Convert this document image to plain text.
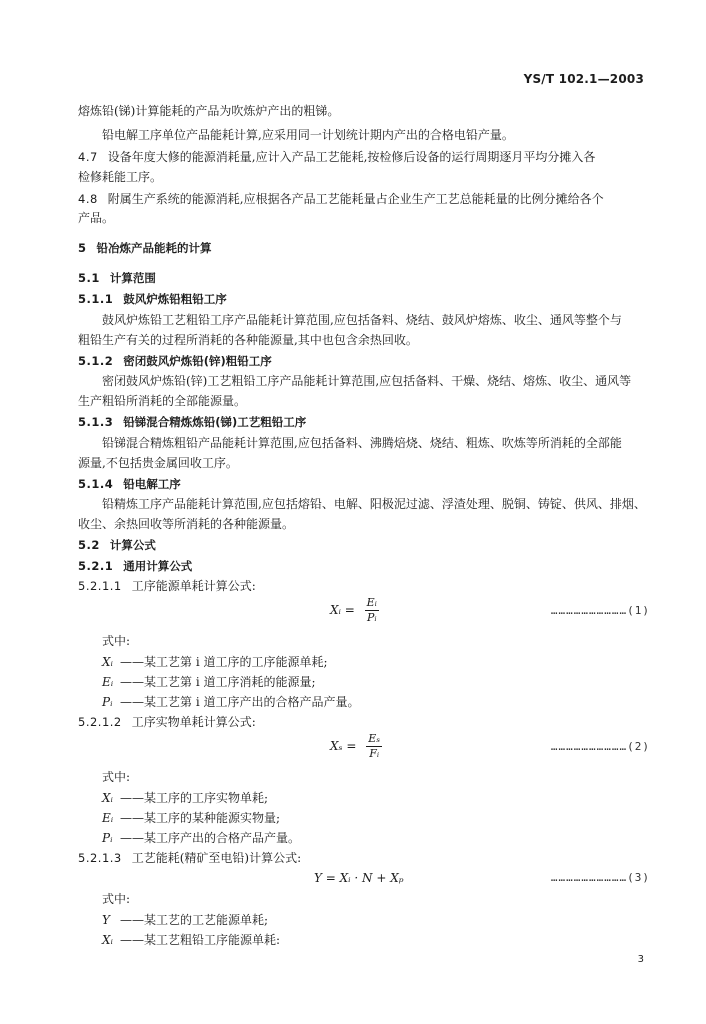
YS/T 102.1—2003
熔炼铅(锑)计算能耗的产品为吹炼炉产出的粗锑。
铅电解工序单位产品能耗计算,应采用同一计划统计期内产出的合格电铅产量。
4.7 设备年度大修的能源消耗量,应计入产品工艺能耗,按检修后设备的运行周期逐月平均分摊入各
检修耗能工序。
4.8 附属生产系统的能源消耗,应根据各产品工艺能耗量占企业生产工艺总能耗量的比例分摊给各个
产品。
5 铅冶炼产品能耗的计算
5.1 计算范围
5.1.1 鼓风炉炼铅粗铅工序
鼓风炉炼铅工艺粗铅工序产品能耗计算范围,应包括备料、烧结、鼓风炉熔炼、收尘、通风等整个与
粗铅生产有关的过程所消耗的各种能源量,其中也包含余热回收。
5.1.2 密闭鼓风炉炼铅(锌)粗铅工序
密闭鼓风炉炼铅(锌)工艺粗铅工序产品能耗计算范围,应包括备料、干燥、烧结、熔炼、收尘、通风等
生产粗铅所消耗的全部能源量。
5.1.3 铅锑混合精炼炼铅(锑)工艺粗铅工序
铅锑混合精炼粗铅产品能耗计算范围,应包括备料、沸腾焙烧、烧结、粗炼、吹炼等所消耗的全部能
源量,不包括贵金属回收工序。
5.1.4 铅电解工序
铅精炼工序产品能耗计算范围,应包括熔铅、电解、阳极泥过滤、浮渣处理、脱铜、铸锭、供风、排烟、
收尘、余热回收等所消耗的各种能源量。
5.2 计算公式
5.2.1 通用计算公式
5.2.1.1 工序能源单耗计算公式:
Xᵢ = $\frac{\text{Eᵢ}}{\text{Pᵢ}}$	…………………………(1)
式中:
Xᵢ ——某工艺第 i 道工序的工序能源单耗;
Eᵢ ——某工艺第 i 道工序消耗的能源量;
Pᵢ ——某工艺第 i 道工序产出的合格产品产量。
5.2.1.2 工序实物单耗计算公式:
$X_s = \frac{\text{Eₛ}}{\text{Fᵢ}}$	…………………………(2)
式中:
Xᵢ ——某工序的工序实物单耗;
Eᵢ ——某工序的某种能源实物量;
Pᵢ ——某工序产出的合格产品产量。
5.2.1.3 工艺能耗(精矿至电铅)计算公式:
Y = Xᵢ · N + Xₚ	…………………………(3)
式中:
Y ——某工艺的工艺能源单耗;
Xᵢ ——某工艺粗铅工序能源单耗:
3
